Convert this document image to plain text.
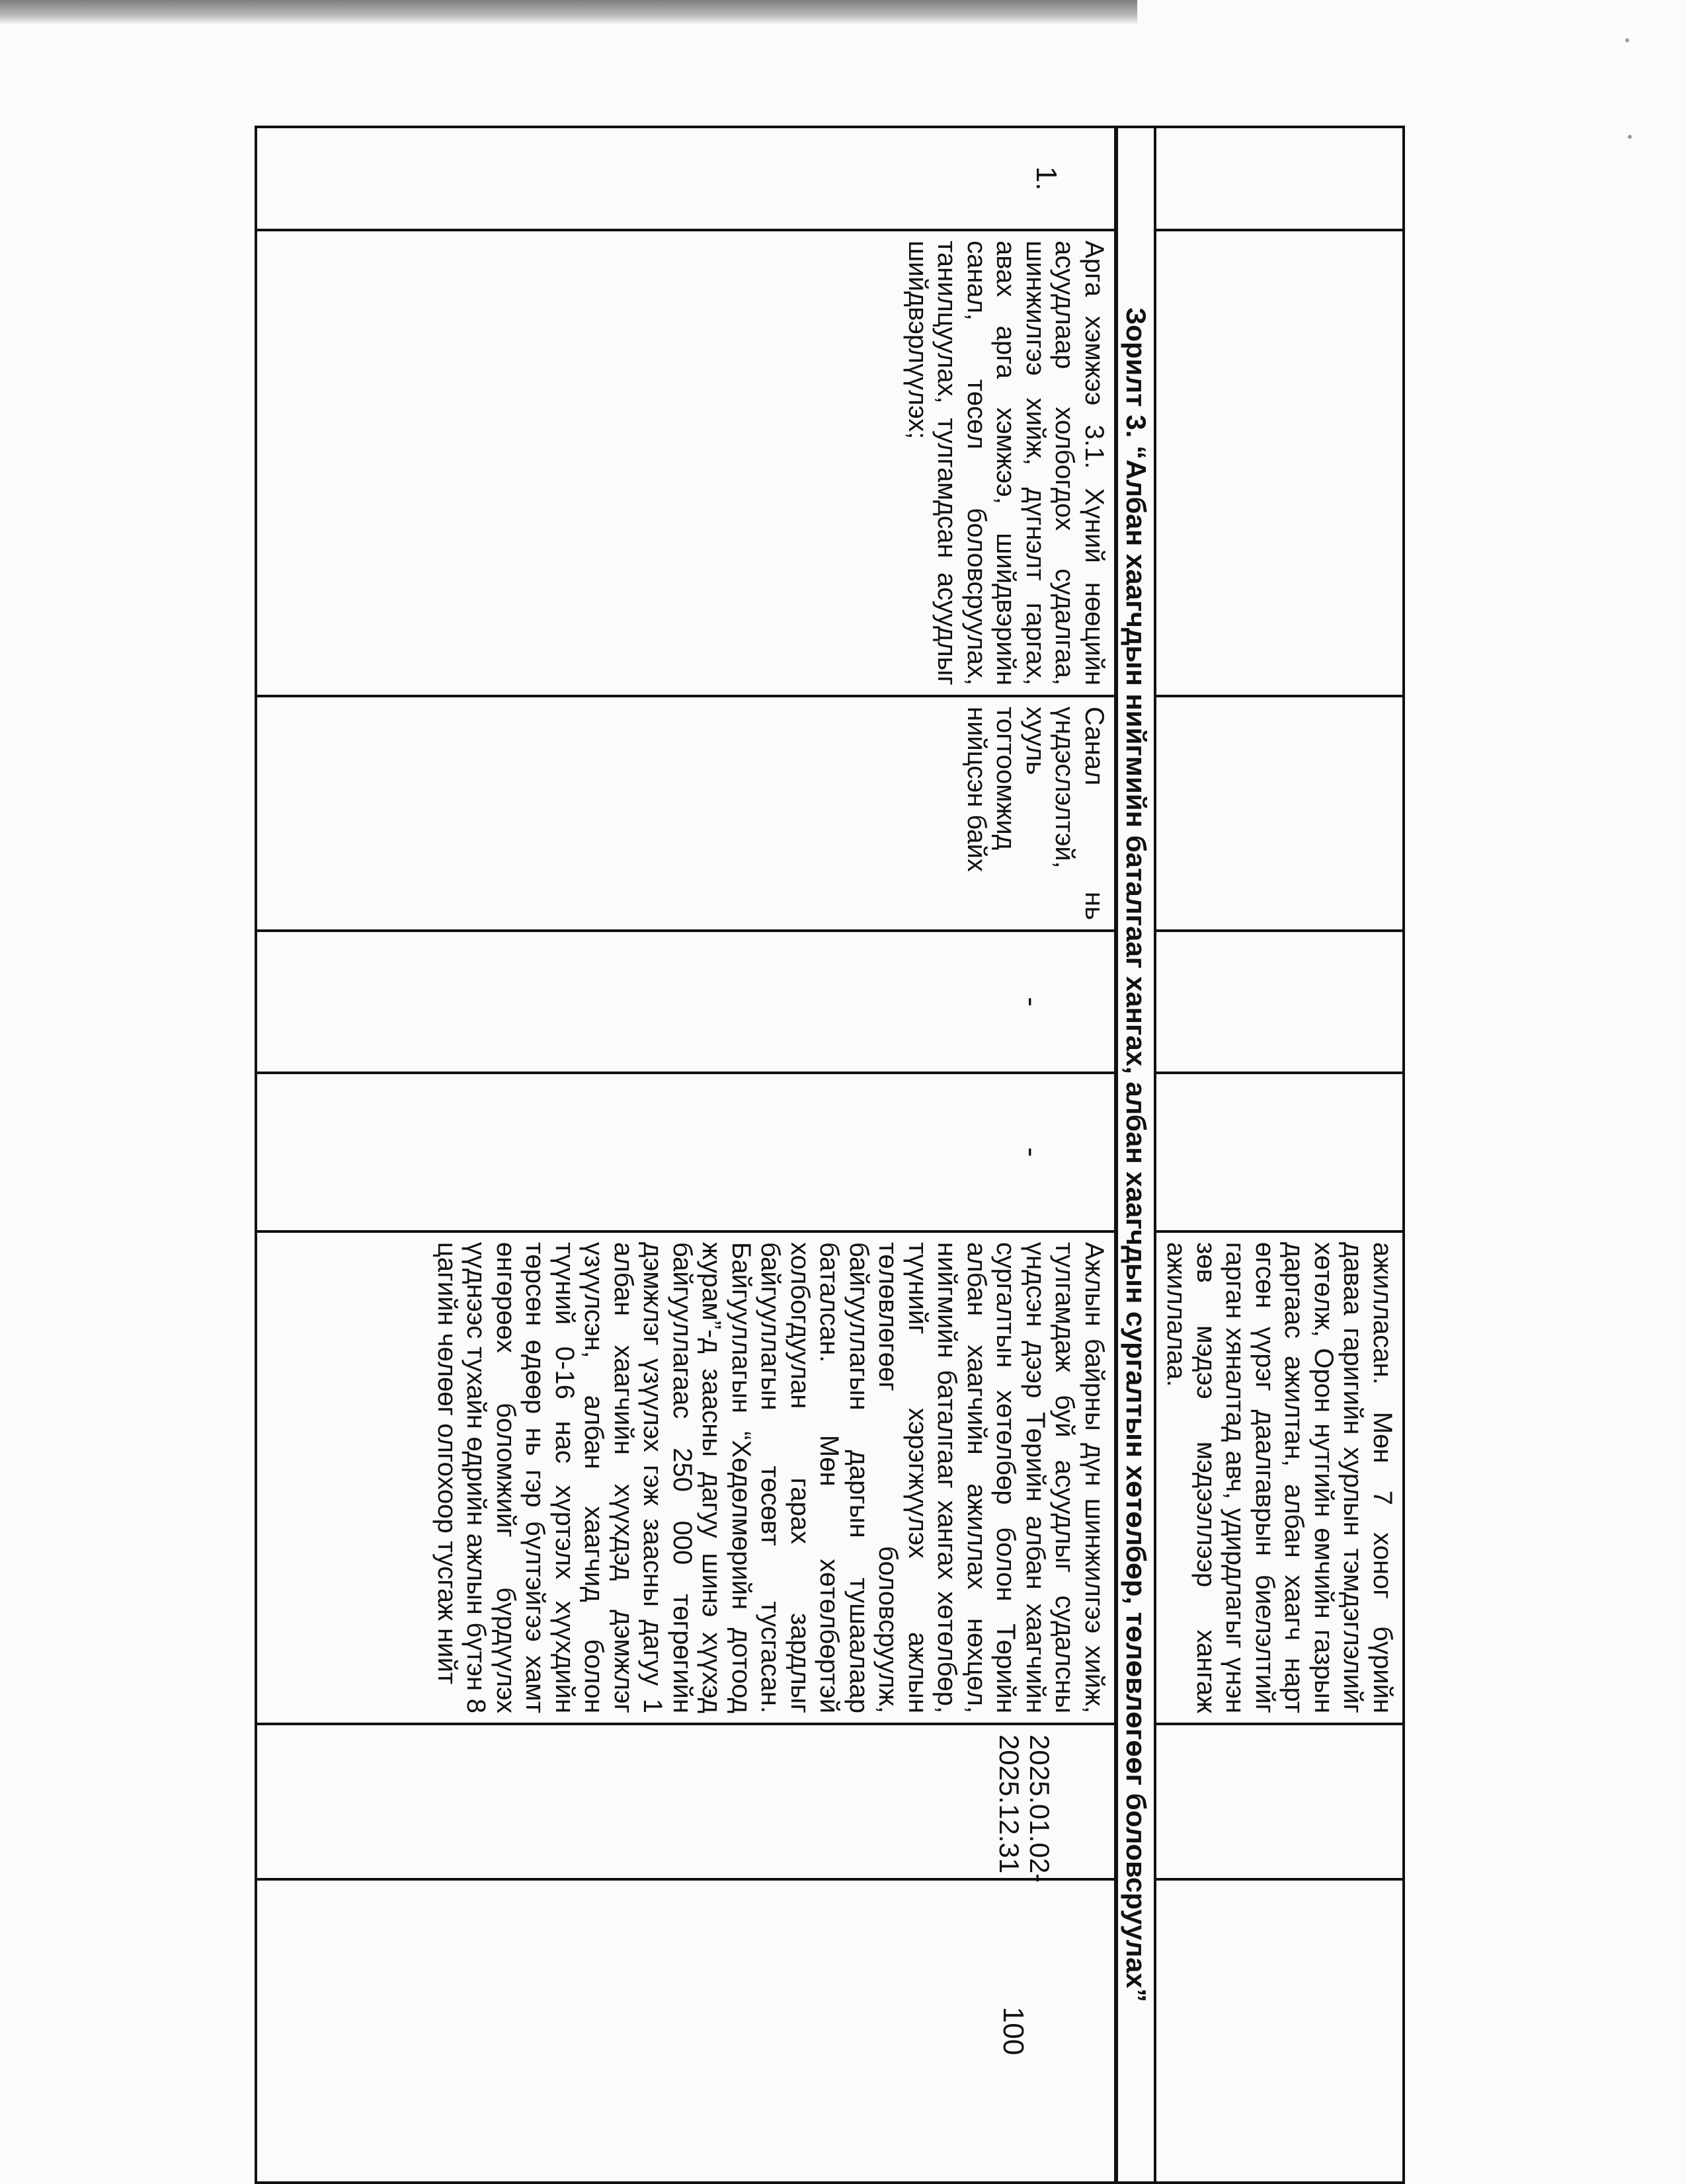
					ажилласан. Мөн 7 хоног бүрийн даваа гаригийн хурлын тэмдэглэлийг хөтөлж, Орон нутгийн өмчийн газрын даргаас ажилтан, албан хаагч нарт өгсөн үүрэг даалгаврын биелэлтийг гарган хяналтад авч, удирдлагыг үнэн зөв мэдээ мэдээллээр хангаж ажиллалаа.		
Зорилт 3. “Албан хаагчдын нийгмийн баталгааг хангах, албан хаагчдын сургалтын хөтөлбөр, төлөвлөгөөг боловсруулах”							
1.	Арга хэмжээ 3.1. Хүний нөөцийн асуудлаар холбогдох судалгаа, шинжилгээ хийж, дүгнэлт гаргах, авах арга хэмжээ, шийдвэрийн санал, төсөл боловсруулах, танилцуулах, тулгамдсан асуудлыг шийдвэрлүүлэх;	Санал нь үндэслэлтэй, хууль тогтоомжид нийцсэн байх	-	-	Ажлын байрны дүн шинжилгээ хийж, тулгамдаж буй асуудлыг судалсны үндсэн дээр Төрийн албан хаагчийн сургалтын хөтөлбөр болон Төрийн албан хаагчийн ажиллах нөхцөл, нийгмийн баталгааг хангах хөтөлбөр, түүнийг хэрэгжүүлэх ажлын төлөвлөгөөг боловсруулж, байгууллагын даргын тушаалаар баталсан. Мөн хөтөлбөртэй холбогдуулан гарах зардлыг байгууллагын төсөвт тусгасан. Байгууллагын “Хөдөлмөрийн дотоод журам”-д заасны дагуу шинэ хүүхэд байгууллагаас 250 000 төгрөгийн дэмжлэг үзүүлэх гэж заасны дагуу 1 албан хаагчийн хүүхдэд дэмжлэг үзүүлсэн, албан хаагчид болон түүний 0-16 нас хүртэлх хүүхдийн төрсөн өдөөр нь гэр бүлтэйгээ хамт өнгөрөөх боломжийг бүрдүүлэх үүднээс тухайн өдрийн ажлын бүтэн 8 цагийн чөлөөг олгохоор тусгаж нийт	2025.01.02-2025.12.31	100
